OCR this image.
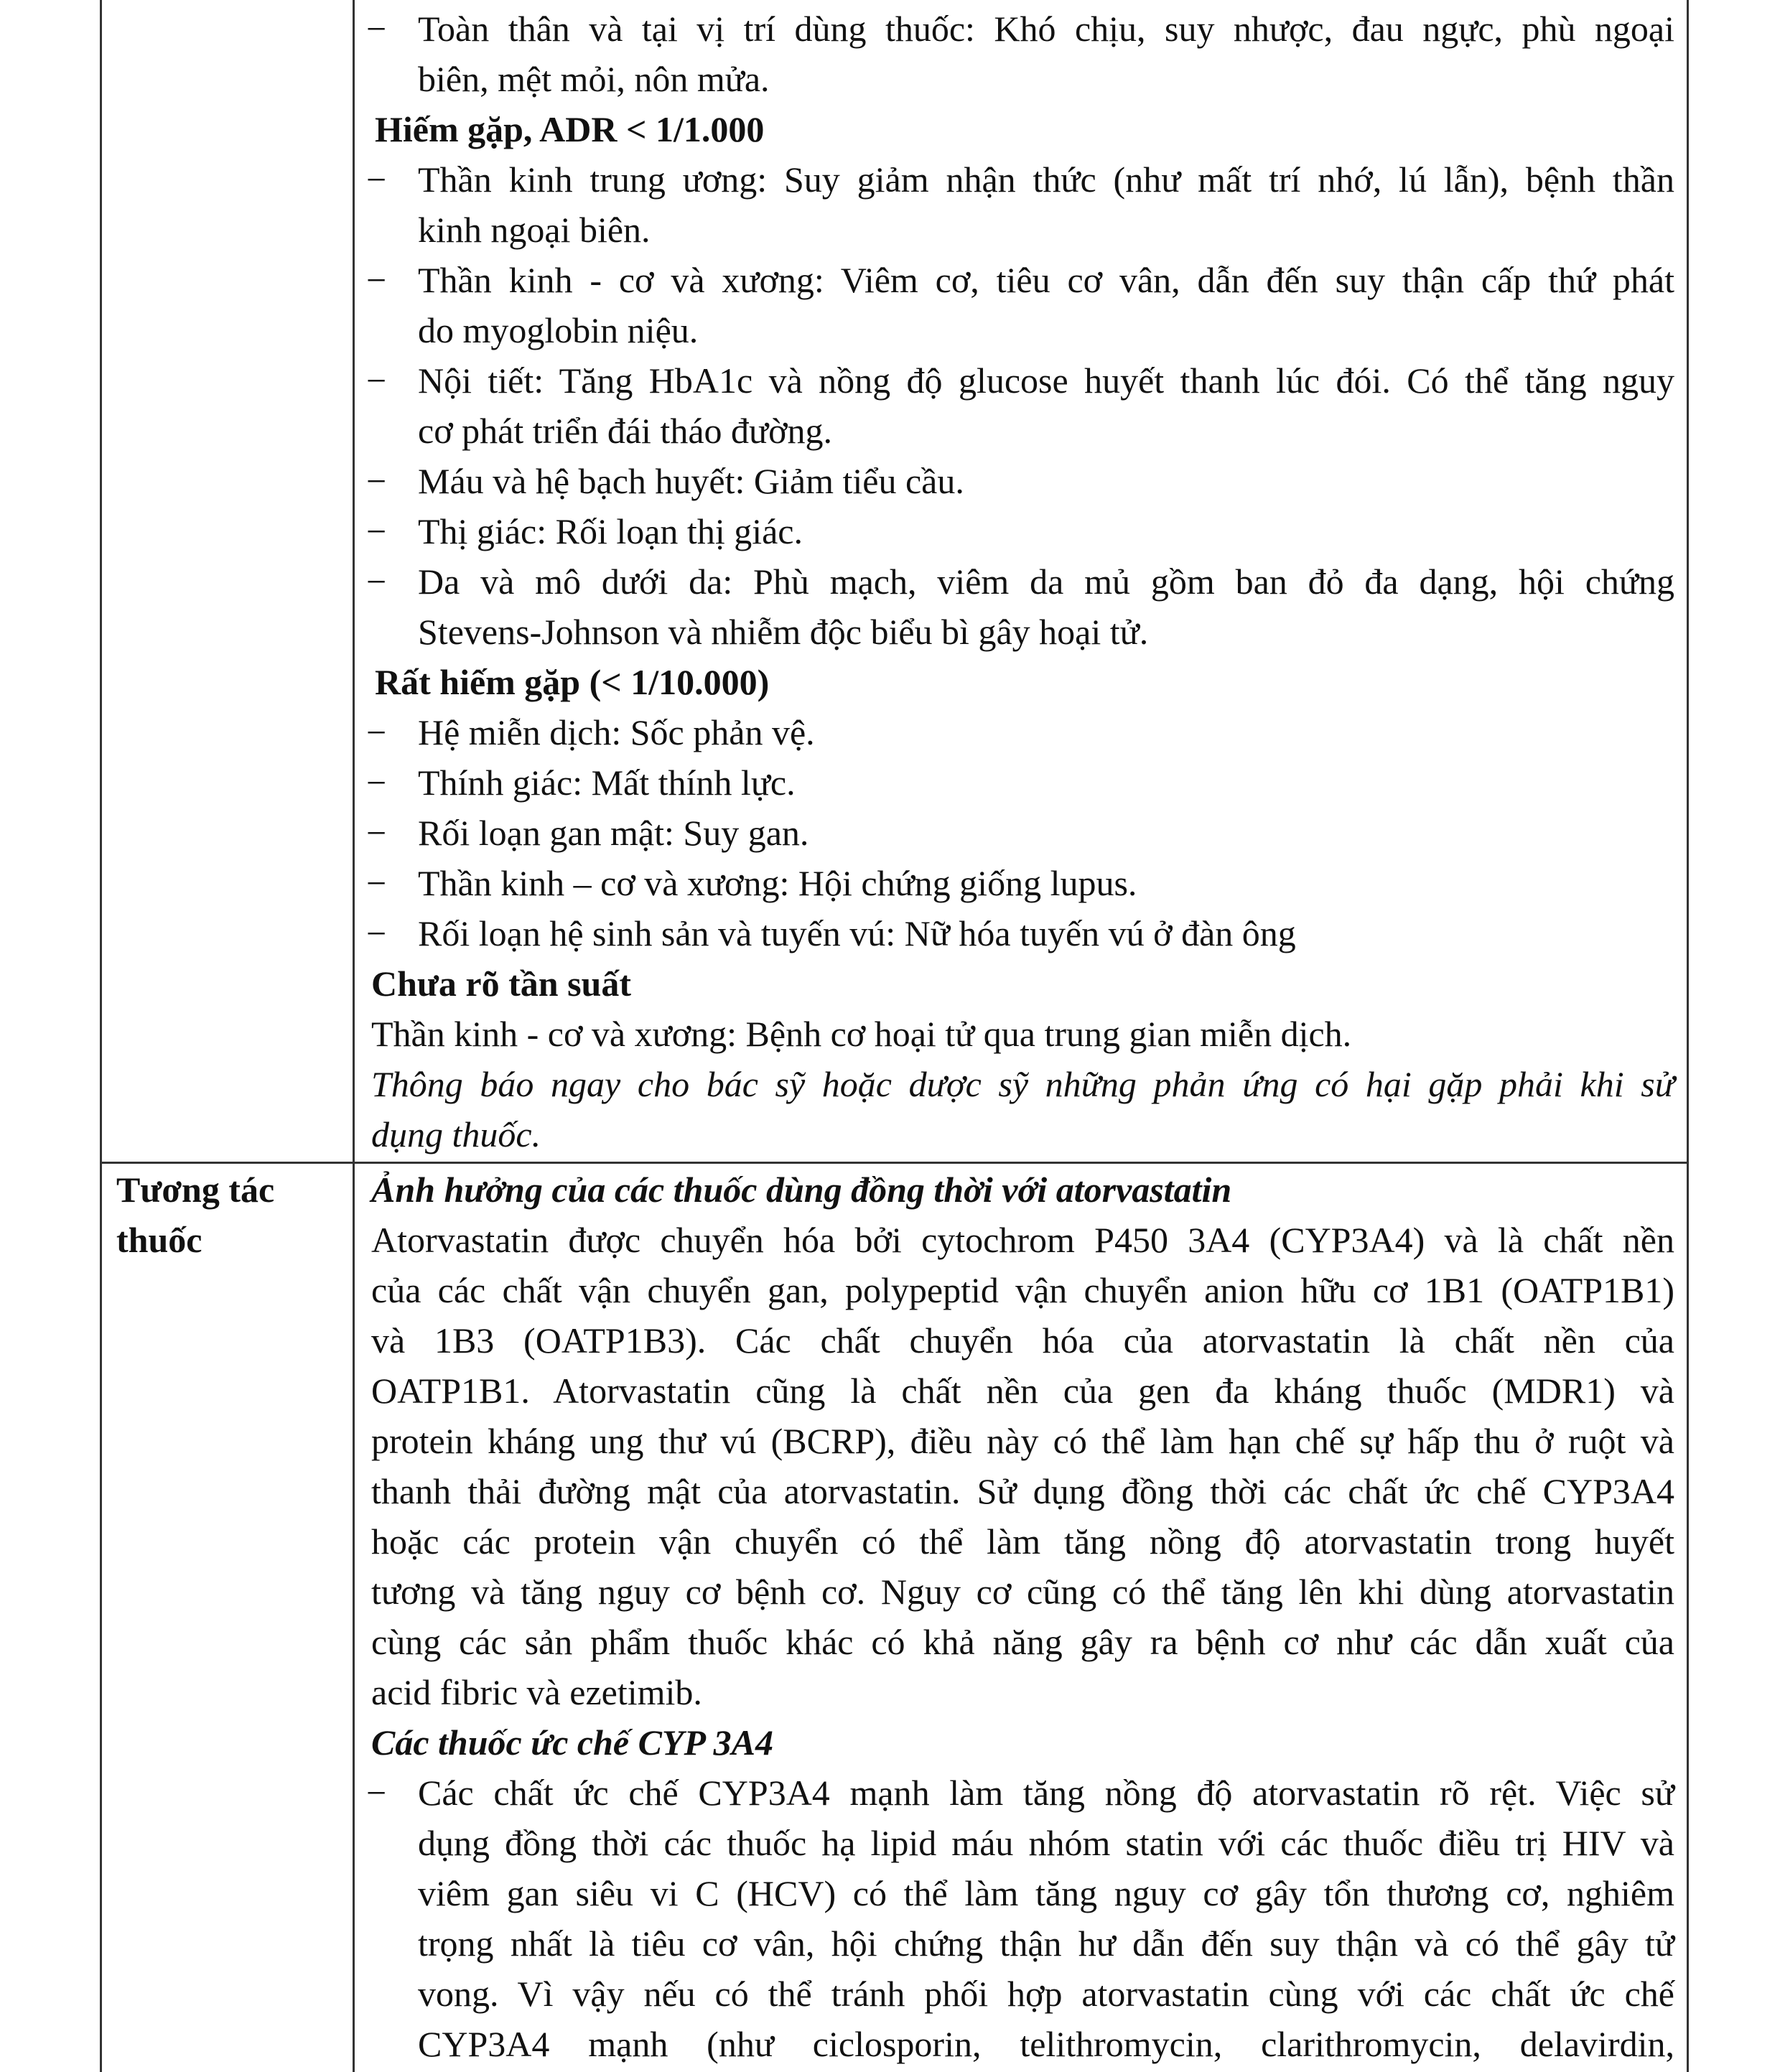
− Toàn thân và tại vị trí dùng thuốc: Khó chịu, suy nhược, đau ngực, phù ngoại
biên, mệt mỏi, nôn mửa.
Hiếm gặp, ADR < 1/1.000
− Thần kinh trung ương: Suy giảm nhận thức (như mất trí nhớ, lú lẫn), bệnh thần
kinh ngoại biên.
− Thần kinh - cơ và xương: Viêm cơ, tiêu cơ vân, dẫn đến suy thận cấp thứ phát
do myoglobin niệu.
− Nội tiết: Tăng HbA1c và nồng độ glucose huyết thanh lúc đói. Có thể tăng nguy
cơ phát triển đái tháo đường.
− Máu và hệ bạch huyết: Giảm tiểu cầu.
− Thị giác: Rối loạn thị giác.
− Da và mô dưới da: Phù mạch, viêm da mủ gồm ban đỏ đa dạng, hội chứng
Stevens-Johnson và nhiễm độc biểu bì gây hoại tử.
Rất hiếm gặp (< 1/10.000)
− Hệ miễn dịch: Sốc phản vệ.
− Thính giác: Mất thính lực.
− Rối loạn gan mật: Suy gan.
− Thần kinh – cơ và xương: Hội chứng giống lupus.
− Rối loạn hệ sinh sản và tuyến vú: Nữ hóa tuyến vú ở đàn ông
Chưa rõ tần suất
Thần kinh - cơ và xương: Bệnh cơ hoại tử qua trung gian miễn dịch.
Thông báo ngay cho bác sỹ hoặc dược sỹ những phản ứng có hại gặp phải khi sử
dụng thuốc.
Tương tác
thuốc
Ảnh hưởng của các thuốc dùng đồng thời với atorvastatin
Atorvastatin được chuyển hóa bởi cytochrom P450 3A4 (CYP3A4) và là chất nền
của các chất vận chuyển gan, polypeptid vận chuyển anion hữu cơ 1B1 (OATP1B1)
và 1B3 (OATP1B3). Các chất chuyển hóa của atorvastatin là chất nền của
OATP1B1. Atorvastatin cũng là chất nền của gen đa kháng thuốc (MDR1) và
protein kháng ung thư vú (BCRP), điều này có thể làm hạn chế sự hấp thu ở ruột và
thanh thải đường mật của atorvastatin. Sử dụng đồng thời các chất ức chế CYP3A4
hoặc các protein vận chuyển có thể làm tăng nồng độ atorvastatin trong huyết
tương và tăng nguy cơ bệnh cơ. Nguy cơ cũng có thể tăng lên khi dùng atorvastatin
cùng các sản phẩm thuốc khác có khả năng gây ra bệnh cơ như các dẫn xuất của
acid fibric và ezetimib.
Các thuốc ức chế CYP 3A4
− Các chất ức chế CYP3A4 mạnh làm tăng nồng độ atorvastatin rõ rệt. Việc sử
dụng đồng thời các thuốc hạ lipid máu nhóm statin với các thuốc điều trị HIV và
viêm gan siêu vi C (HCV) có thể làm tăng nguy cơ gây tổn thương cơ, nghiêm
trọng nhất là tiêu cơ vân, hội chứng thận hư dẫn đến suy thận và có thể gây tử
vong. Vì vậy nếu có thể tránh phối hợp atorvastatin cùng với các chất ức chế
CYP3A4 mạnh (như ciclosporin, telithromycin, clarithromycin, delavirdin,
